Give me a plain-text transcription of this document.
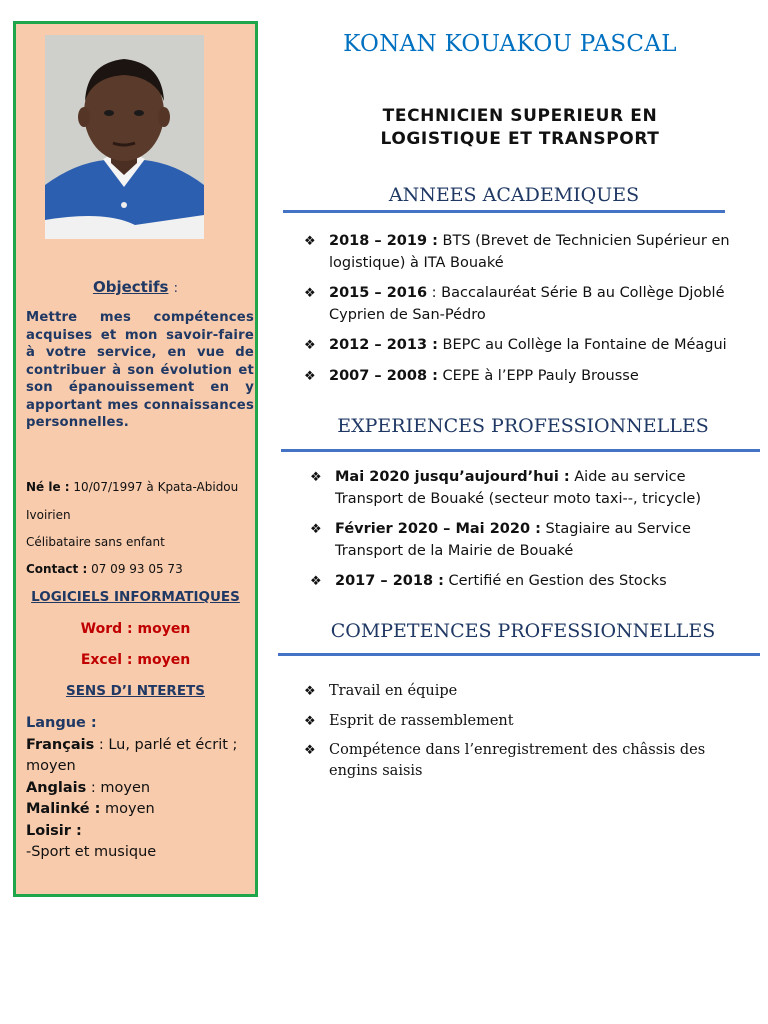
Objectifs :
Mettre mes compétences acquises et mon savoir-faire à votre service, en vue de contribuer à son évolution et son épanouissement en y apportant mes connaissances personnelles.
Né le : 10/07/1997 à Kpata-Abidou
Ivoirien
Célibataire sans enfant
Contact : 07 09 93 05 73
LOGICIELS INFORMATIQUES
Word : moyen
Excel : moyen
SENS D’I NTERETS
Langue :
Français : Lu, parlé et écrit ; moyen
Anglais : moyen
Malinké : moyen
Loisir :
-Sport et musique
KONAN KOUAKOU PASCAL
TECHNICIEN SUPERIEUR EN
LOGISTIQUE ET TRANSPORT
ANNEES ACADEMIQUES
❖ 2018 – 2019 : BTS (Brevet de Technicien Supérieur en logistique) à ITA Bouaké
❖ 2015 – 2016 : Baccalauréat Série B au Collège Djoblé Cyprien de San-Pédro
❖ 2012 – 2013 : BEPC au Collège la Fontaine de Méagui
❖ 2007 – 2008 : CEPE à l’EPP Pauly Brousse
EXPERIENCES PROFESSIONNELLES
❖ Mai 2020 jusqu’aujourd’hui : Aide au service Transport de Bouaké (secteur moto taxi--, tricycle)
❖ Février 2020 – Mai 2020 : Stagiaire au Service Transport de la Mairie de Bouaké
❖ 2017 – 2018 : Certifié en Gestion des Stocks
COMPETENCES PROFESSIONNELLES
❖ Travail en équipe
❖ Esprit de rassemblement
❖ Compétence dans l’enregistrement des châssis des engins saisis
